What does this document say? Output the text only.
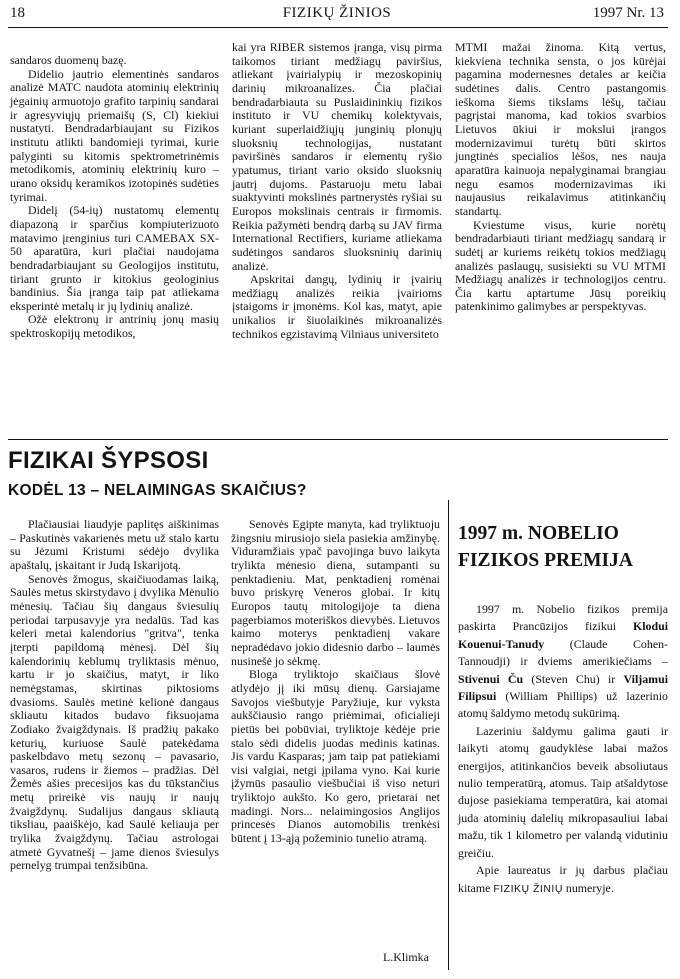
18	FIZIKŲ ŽINIOS	1997 Nr. 13

sandaros duomenų bazę.

Didelio jautrio elementinės sandaros analizė MATC naudota atominių elektrinių jėgainių armuotojo grafito tarpinių sandarai ir agresyviųjų priemaišų (S, Cl) kiekiui nustatyti. Bendradarbiaujant su Fizikos institutu atlikti bandomieji tyrimai, kurie palyginti su kitomis spektrometrinėmis metodikomis, atominių elektrinių kuro – urano oksidų keramikos izotopinės sudėties tyrimai.

Didelį (54-ių) nustatomų elementų diapazoną ir sparčius kompiuterizuoto matavimo įrenginius turi CAMEBAX SX-50 aparatūra, kuri plačiai naudojama bendradarbiaujant su Geologijos institutu, tiriant grunto ir kitokius geologinius bandinius. Šia įranga taip pat atliekama eksperintė metalų ir jų lydinių analizė.

Ožė elektronų ir antrinių jonų masių spektroskopijų metodikos,

kai yra RIBER sistemos įranga, visų pirma taikomos tiriant medžiagų paviršius, atliekant įvairialypių ir mezoskopinių darinių mikroanalizes. Čia plačiai bendradarbiauta su Puslaidininkių fizikos instituto ir VU chemikų kolektyvais, kuriant superlaidžiųjų junginių plonųjų sluoksnių technologijas, nustatant paviršinės sandaros ir elementų ryšio ypatumus, tiriant vario oksido sluoksnių jautrį dujoms. Pastaruoju metu labai suaktyvinti mokslinės partnerystės ryšiai su Europos mokslinais centrais ir firmomis. Reikia pažymėti bendrą darbą su JAV firma International Rectifiers, kuriame atliekama sudėtingos sandaros sluoksninių darinių analizė.

Apskritai dangų, lydinių ir įvairių medžiagų analizės reikia įvairioms įstaigoms ir įmonėms. Kol kas, matyt, apie unikalios ir šiuolaikinės mikroanalizės technikos egzistavimą Vilniaus universiteto

MTMI mažai žinoma. Kitą vertus, kiekviena technika sensta, o jos kūrėjai pagamina modernesnes detales ar keičia sudėtines dalis. Centro pastangomis ieškoma šiems tikslams lėšų, tačiau pagrįstai manoma, kad tokios svarbios Lietuvos ūkiui ir mokslui įrangos modernizavimui turėtų būti skirtos jungtinės specialios lėšos, nes nauja aparatūra kainuoja nepalyginamai brangiau negu esamos modernizavimas iki naujausius reikalavimus atitinkančių standartų.

Kviestume visus, kurie norėtų bendradarbiauti tiriant medžiagų sandarą ir sudėtį ar kuriems reikėtų tokios medžiagų analizės paslaugų, susisiekti su VU MTMI Medžiagų analizės ir technologijos centru. Čia kartu aptartume Jūsų poreikių patenkinimo galimybes ar perspektyvas.

FIZIKAI ŠYPSOSI
KODĖL 13 – NELAIMINGAS SKAIČIUS?

Plačiausiai liaudyje paplitęs aiškinimas – Paskutinės vakarienės metu už stalo kartu su Jėzumi Kristumi sėdėjo dvylika apaštalų, įskaitant ir Judą Iskarijotą.

Senovės žmogus, skaičiuodamas laiką, Saulės metus skirstydavo į dvylika Mėnulio mėnesių. Tačiau šių dangaus šviesulių periodai tarpusavyje yra nedalūs. Tad kas keleri metai kalendorius "gritva", tenka įterpti papildomą mėnesį. Dėl šių kalendorinių keblumų tryliktasis mėnuo, kartu ir jo skaičius, matyt, ir liko nemėgstamas, skirtinas piktosioms dvasioms. Saulės metinė kelionė dangaus skliautu kitados budavo fiksuojama Zodiako žvaigždynais. Iš pradžių pakako keturių, kuriuose Saulė patekėdama paskelbdavo metų sezonų – pavasario, vasaros, rudens ir žiemos – pradžias. Dėl Žemės ašies precesijos kas du tūkstančius metų prireikė vis naujų ir naujų žvaigždynų. Sudalijus dangaus skliautą tiksliau, paaiškėjo, kad Saulė keliauja per trylika žvaigždynų. Tačiau astrologai atmetė Gyvatnešį – jame dienos šviesulys pernelyg trumpai tenžsibūna.

Senovės Egipte manyta, kad tryliktuoju žingsniu mirusiojo siela pasiekia amžinybę. Viduramžiais ypač pavojinga buvo laikyta trylikta mėnesio diena, sutampanti su penktadieniu. Mat, penktadienį romėnai buvo priskyrę Veneros globai. Ir kitų Europos tautų mitologijoje ta diena pagerbiamos moteriškos dievybės. Lietuvos kaimo moterys penktadienį vakare nepradėdavo jokio didesnio darbo – laumės nusinešė jo sėkmę.

Bloga tryliktojo skaičiaus šlovė atlydėjo jį iki mūsų dienų. Garsiajame Savojos viešbutyje Paryžiuje, kur vyksta aukščiausio rango priėmimai, oficialieji pietūs bei pobūviai, tryliktoje kėdėje prie stalo sėdi didelis juodas medinis katinas. Jis vardu Kasparas; jam taip pat patiekiami visi valgiai, netgi įpilama vyno. Kai kurie įžymūs pasaulio viešbučiai iš viso neturi tryliktojo aukšto. Ko gero, prietarai net madingi. Nors... nelaimingosios Anglijos princesės Dianos automobilis trenkėsi būtent į 13-ąją požeminio tunelio atramą.

L.Klimka
1997 m. NOBELIO
FIZIKOS PREMIJA

1997 m. Nobelio fizikos premija paskirta Prancūzijos fizikui Klodui Kouenui-Tanudy (Claude Cohen-Tannoudji) ir dviems amerikiečiams – Stivenui Ču (Steven Chu) ir Viljamui Filipsui (William Phillips) už lazerinio atomų šaldymo metodų sukūrimą.

Lazeriniu šaldymu galima gauti ir laikyti atomų gaudyklėse labai mažos energijos, atitinkančios beveik absoliutaus nulio temperatūrą, atomus. Taip atšaldytose dujose pasiekiama temperatūra, kai atomai juda atominių dalelių mikropasauliui labai mažu, tik 1 kilometro per valandą vidutiniu greičiu.

Apie laureatus ir jų darbus plačiau kitame FIZIKŲ ŽINIŲ numeryje.
